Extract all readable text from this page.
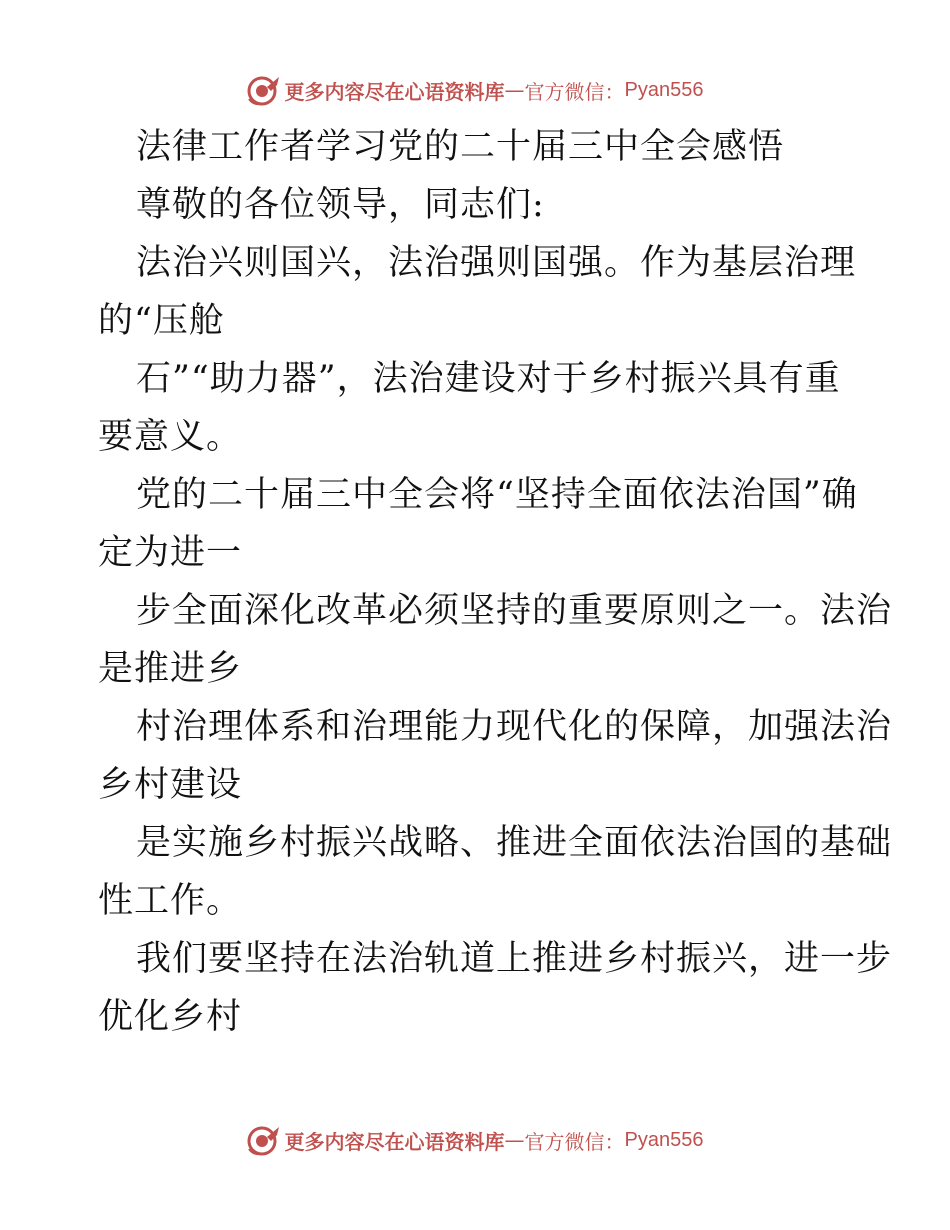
更多内容尽在心语资料库 — 官方微信： Pyan556
法律工作者学习党的二十届三中全会感悟
尊敬的各位领导，同志们:
法治兴则国兴，法治强则国强。作为基层治理
的“压舱
石”“助力器”，法治建设对于乡村振兴具有重
要意义。
党的二十届三中全会将“坚持全面依法治国”确
定为进一
步全面深化改革必须坚持的重要原则之一。法治
是推进乡
村治理体系和治理能力现代化的保障，加强法治
乡村建设
是实施乡村振兴战略、推进全面依法治国的基础
性工作。
我们要坚持在法治轨道上推进乡村振兴，进一步
优化乡村
更多内容尽在心语资料库 — 官方微信： Pyan556
